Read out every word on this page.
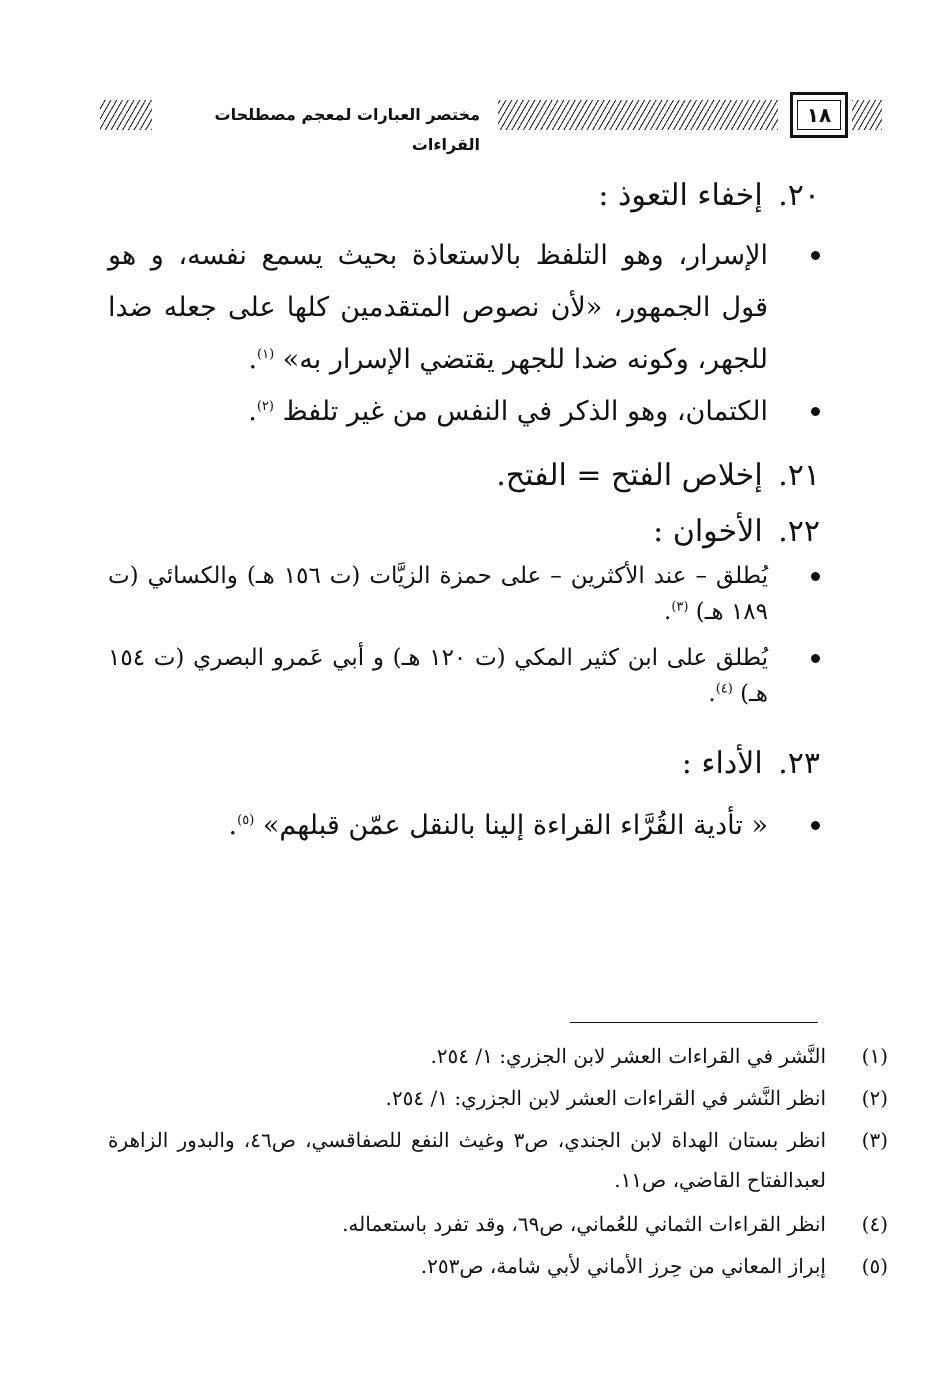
مختصر العبارات لمعجم مصطلحات القراءات
١٨
٢٠. إخفاء التعوذ :
الإسرار، وهو التلفظ بالاستعاذة بحيث يسمع نفسه، و هو قول الجمهور، «لأن نصوص المتقدمين كلها على جعله ضدا للجهر، وكونه ضدا للجهر يقتضي الإسرار به» $^{(١)}$.
الكتمان، وهو الذكر في النفس من غير تلفظ $^{(٢)}$.
٢١. إخلاص الفتح = الفتح.
٢٢. الأخوان :
يُطلق – عند الأكثرين – على حمزة الزيَّات (ت ١٥٦ هـ) والكسائي (ت ١٨٩ هـ) $^{(٣)}$.
يُطلق على ابن كثير المكي (ت ١٢٠ هـ) و أبي عَمرو البصري (ت ١٥٤ هـ) $^{(٤)}$.
٢٣. الأداء :
« تأدية القُرَّاء القراءة إلينا بالنقل عمّن قبلهم» $^{(٥)}$.
(١)
النَّشر في القراءات العشر لابن الجزري: ١/ ٢٥٤.
(٢)
انظر النَّشر في القراءات العشر لابن الجزري: ١/ ٢٥٤.
(٣)
انظر بستان الهداة لابن الجندي، ص٣ وغيث النفع للصفاقسي، ص٤٦، والبدور الزاهرة لعبدالفتاح القاضي، ص١١.
(٤)
انظر القراءات الثماني للعُماني، ص٦٩، وقد تفرد باستعماله.
(٥)
إبراز المعاني من حِرز الأماني لأبي شامة، ص٢٥٣.
